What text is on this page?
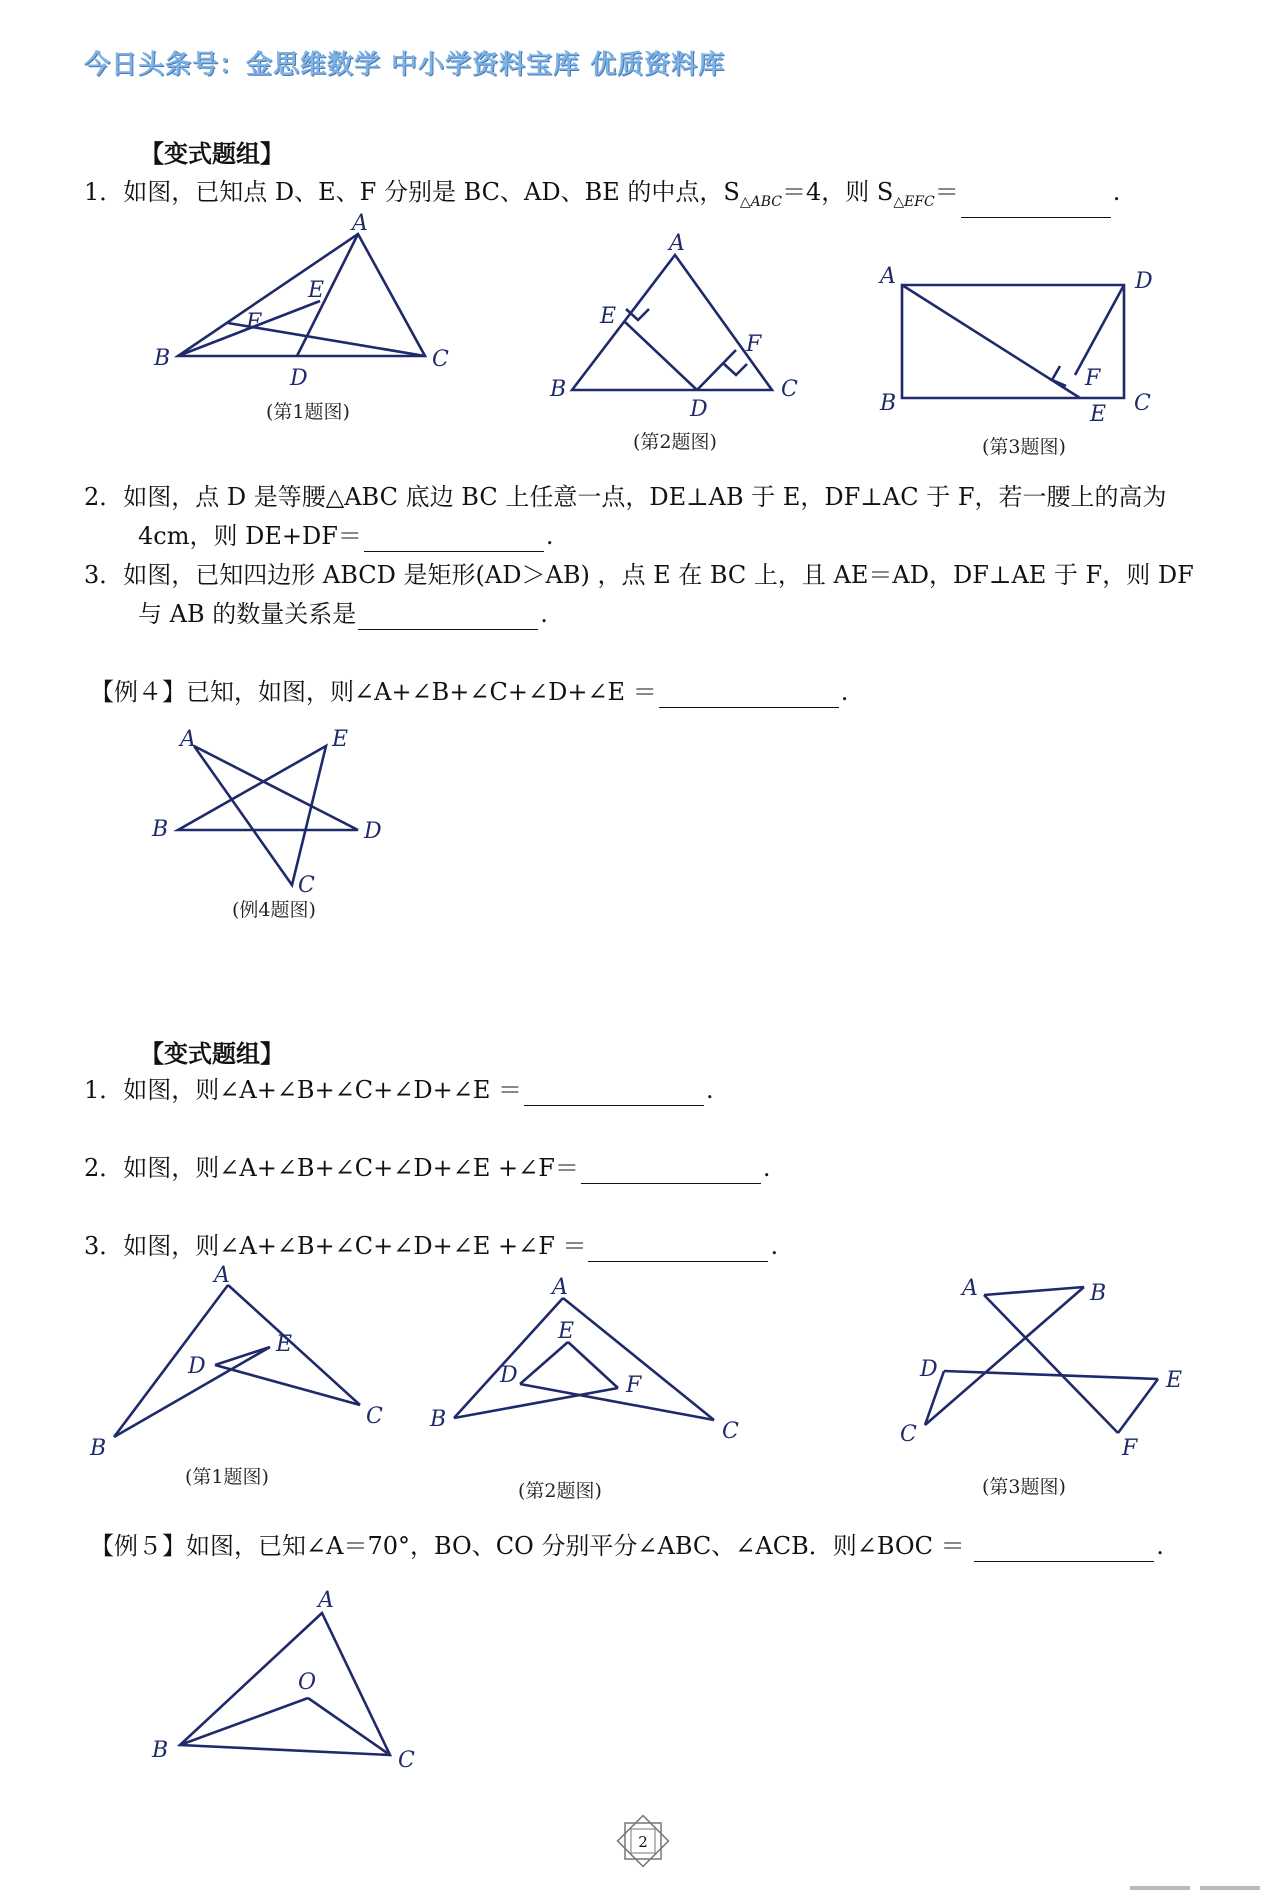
今日头条号：金思维数学 中小学资料宝库 优质资料库
【变式题组】
1．如图，已知点 D、E、F 分别是 BC、AD、BE 的中点，$S_{\triangle ABC}=4$，则 $S_{\triangle EFC}=$	.
A
B	C
D
E
F
(第1题图)
A
B	C
D
E
F
(第2题图)
A	D
B	C
E
F
(第3题图)
2．如图，点 D 是等腰△ABC 底边 BC 上任意一点，DE⊥AB 于 E，DF⊥AC 于 F，若一腰上的高为
4cm，则 DE+DF＝	.
3．如图，已知四边形 ABCD 是矩形(AD＞AB) ，点 E 在 BC 上，且 AE＝AD，DF⊥AE 于 F，则 DF
与 AB 的数量关系是	.
【例４】已知，如图，则∠A+∠B+∠C+∠D+∠E ＝	.
A	E
B	D
C
(例4题图)
【变式题组】
1．如图，则∠A+∠B+∠C+∠D+∠E ＝	.
2．如图，则∠A+∠B+∠C+∠D+∠E +∠F＝	.
3．如图，则∠A+∠B+∠C+∠D+∠E +∠F ＝	.
A
B
C
D
E
(第1题图)
A
B	C
D
E
F
(第2题图)
A	B
C
D	E
F
(第3题图)
【例５】如图，已知∠A＝70°，BO、CO 分别平分∠ABC、∠ACB．则∠BOC ＝	.
A
B	C
O
2
